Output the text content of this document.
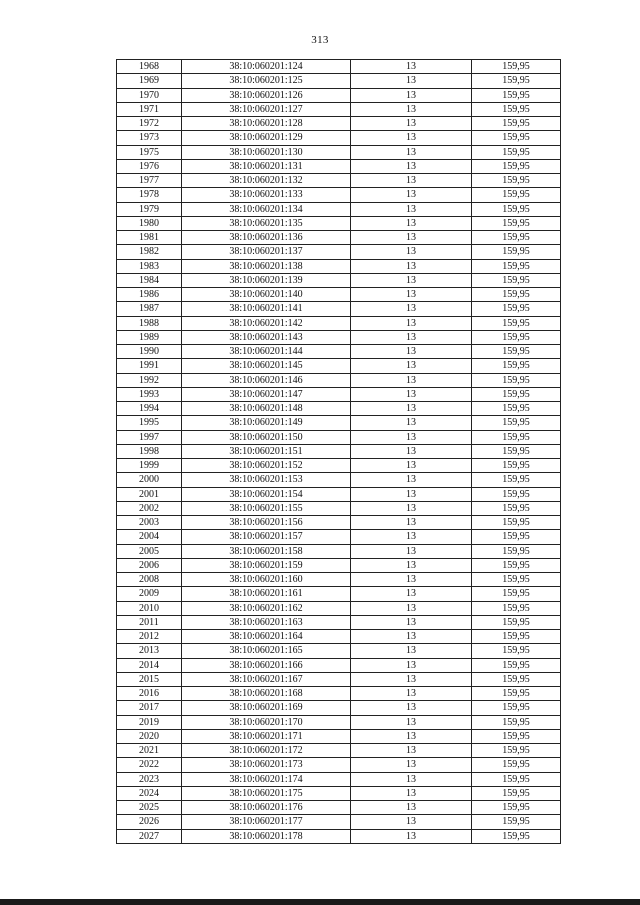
313
1968	38:10:060201:124	13	159,95
1969	38:10:060201:125	13	159,95
1970	38:10:060201:126	13	159,95
1971	38:10:060201:127	13	159,95
1972	38:10:060201:128	13	159,95
1973	38:10:060201:129	13	159,95
1975	38:10:060201:130	13	159,95
1976	38:10:060201:131	13	159,95
1977	38:10:060201:132	13	159,95
1978	38:10:060201:133	13	159,95
1979	38:10:060201:134	13	159,95
1980	38:10:060201:135	13	159,95
1981	38:10:060201:136	13	159,95
1982	38:10:060201:137	13	159,95
1983	38:10:060201:138	13	159,95
1984	38:10:060201:139	13	159,95
1986	38:10:060201:140	13	159,95
1987	38:10:060201:141	13	159,95
1988	38:10:060201:142	13	159,95
1989	38:10:060201:143	13	159,95
1990	38:10:060201:144	13	159,95
1991	38:10:060201:145	13	159,95
1992	38:10:060201:146	13	159,95
1993	38:10:060201:147	13	159,95
1994	38:10:060201:148	13	159,95
1995	38:10:060201:149	13	159,95
1997	38:10:060201:150	13	159,95
1998	38:10:060201:151	13	159,95
1999	38:10:060201:152	13	159,95
2000	38:10:060201:153	13	159,95
2001	38:10:060201:154	13	159,95
2002	38:10:060201:155	13	159,95
2003	38:10:060201:156	13	159,95
2004	38:10:060201:157	13	159,95
2005	38:10:060201:158	13	159,95
2006	38:10:060201:159	13	159,95
2008	38:10:060201:160	13	159,95
2009	38:10:060201:161	13	159,95
2010	38:10:060201:162	13	159,95
2011	38:10:060201:163	13	159,95
2012	38:10:060201:164	13	159,95
2013	38:10:060201:165	13	159,95
2014	38:10:060201:166	13	159,95
2015	38:10:060201:167	13	159,95
2016	38:10:060201:168	13	159,95
2017	38:10:060201:169	13	159,95
2019	38:10:060201:170	13	159,95
2020	38:10:060201:171	13	159,95
2021	38:10:060201:172	13	159,95
2022	38:10:060201:173	13	159,95
2023	38:10:060201:174	13	159,95
2024	38:10:060201:175	13	159,95
2025	38:10:060201:176	13	159,95
2026	38:10:060201:177	13	159,95
2027	38:10:060201:178	13	159,95
